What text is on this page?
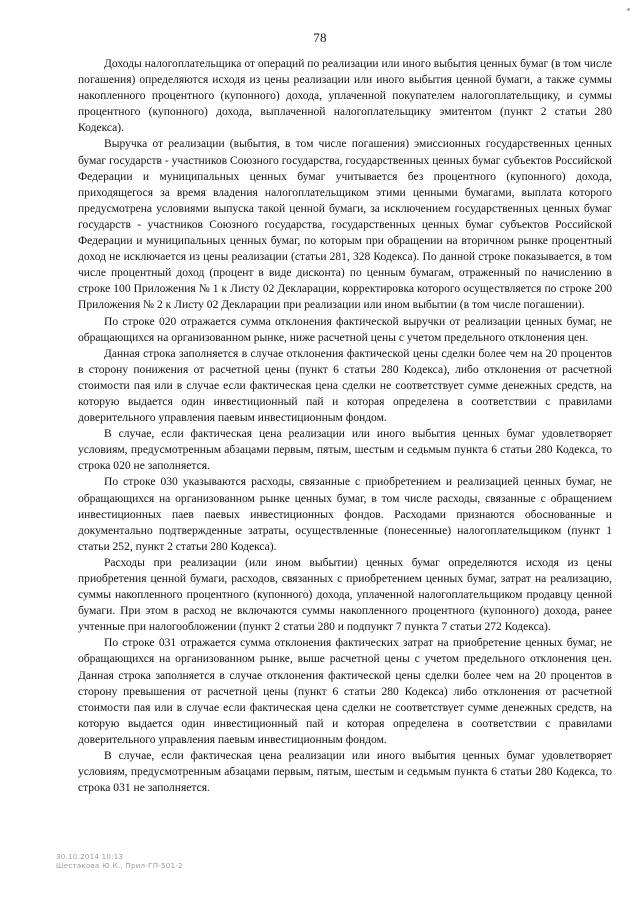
78

Доходы налогоплательщика от операций по реализации или иного выбытия ценных бумаг (в том числе погашения) определяются исходя из цены реализации или иного выбытия ценной бумаги, а также суммы накопленного процентного (купонного) дохода, уплаченной покупателем налогоплательщику, и суммы процентного (купонного) дохода, выплаченной налогоплательщику эмитентом (пункт 2 статьи 280 Кодекса).

Выручка от реализации (выбытия, в том числе погашения) эмиссионных государственных ценных бумаг государств - участников Союзного государства, государственных ценных бумаг субъектов Российской Федерации и муниципальных ценных бумаг учитывается без процентного (купонного) дохода, приходящегося за время владения налогоплательщиком этими ценными бумагами, выплата которого предусмотрена условиями выпуска такой ценной бумаги, за исключением государственных ценных бумаг государств - участников Союзного государства, государственных ценных бумаг субъектов Российской Федерации и муниципальных ценных бумаг, по которым при обращении на вторичном рынке процентный доход не исключается из цены реализации (статьи 281, 328 Кодекса). По данной строке показывается, в том числе процентный доход (процент в виде дисконта) по ценным бумагам, отраженный по начислению в строке 100 Приложения № 1 к Листу 02 Декларации, корректировка которого осуществляется по строке 200 Приложения № 2 к Листу 02 Декларации при реализации или ином выбытии (в том числе погашении).

По строке 020 отражается сумма отклонения фактической выручки от реализации ценных бумаг, не обращающихся на организованном рынке, ниже расчетной цены с учетом предельного отклонения цен.

Данная строка заполняется в случае отклонения фактической цены сделки более чем на 20 процентов в сторону понижения от расчетной цены (пункт 6 статьи 280 Кодекса), либо отклонения от расчетной стоимости пая или в случае если фактическая цена сделки не соответствует сумме денежных средств, на которую выдается один инвестиционный пай и которая определена в соответствии с правилами доверительного управления паевым инвестиционным фондом.

В случае, если фактическая цена реализации или иного выбытия ценных бумаг удовлетворяет условиям, предусмотренным абзацами первым, пятым, шестым и седьмым пункта 6 статьи 280 Кодекса, то строка 020 не заполняется.

По строке 030 указываются расходы, связанные с приобретением и реализацией ценных бумаг, не обращающихся на организованном рынке ценных бумаг, в том числе расходы, связанные с обращением инвестиционных паев паевых инвестиционных фондов. Расходами признаются обоснованные и документально подтвержденные затраты, осуществленные (понесенные) налогоплательщиком (пункт 1 статьи 252, пункт 2 статьи 280 Кодекса).

Расходы при реализации (или ином выбытии) ценных бумаг определяются исходя из цены приобретения ценной бумаги, расходов, связанных с приобретением ценных бумаг, затрат на реализацию, суммы накопленного процентного (купонного) дохода, уплаченной налогоплательщиком продавцу ценной бумаги. При этом в расход не включаются суммы накопленного процентного (купонного) дохода, ранее учтенные при налогообложении (пункт 2 статьи 280 и подпункт 7 пункта 7 статьи 272 Кодекса).

По строке 031 отражается сумма отклонения фактических затрат на приобретение ценных бумаг, не обращающихся на организованном рынке, выше расчетной цены с учетом предельного отклонения цен. Данная строка заполняется в случае отклонения фактической цены сделки более чем на 20 процентов в сторону превышения от расчетной цены (пункт 6 статьи 280 Кодекса) либо отклонения от расчетной стоимости пая или в случае если фактическая цена сделки не соответствует сумме денежных средств, на которую выдается один инвестиционный пай и которая определена в соответствии с правилами доверительного управления паевым инвестиционным фондом.

В случае, если фактическая цена реализации или иного выбытия ценных бумаг удовлетворяет условиям, предусмотренным абзацами первым, пятым, шестым и седьмым пункта 6 статьи 280 Кодекса, то строка 031 не заполняется.

30.10.2014 10:13
Шестакова Ю.К., Прил-ГП-501-2
